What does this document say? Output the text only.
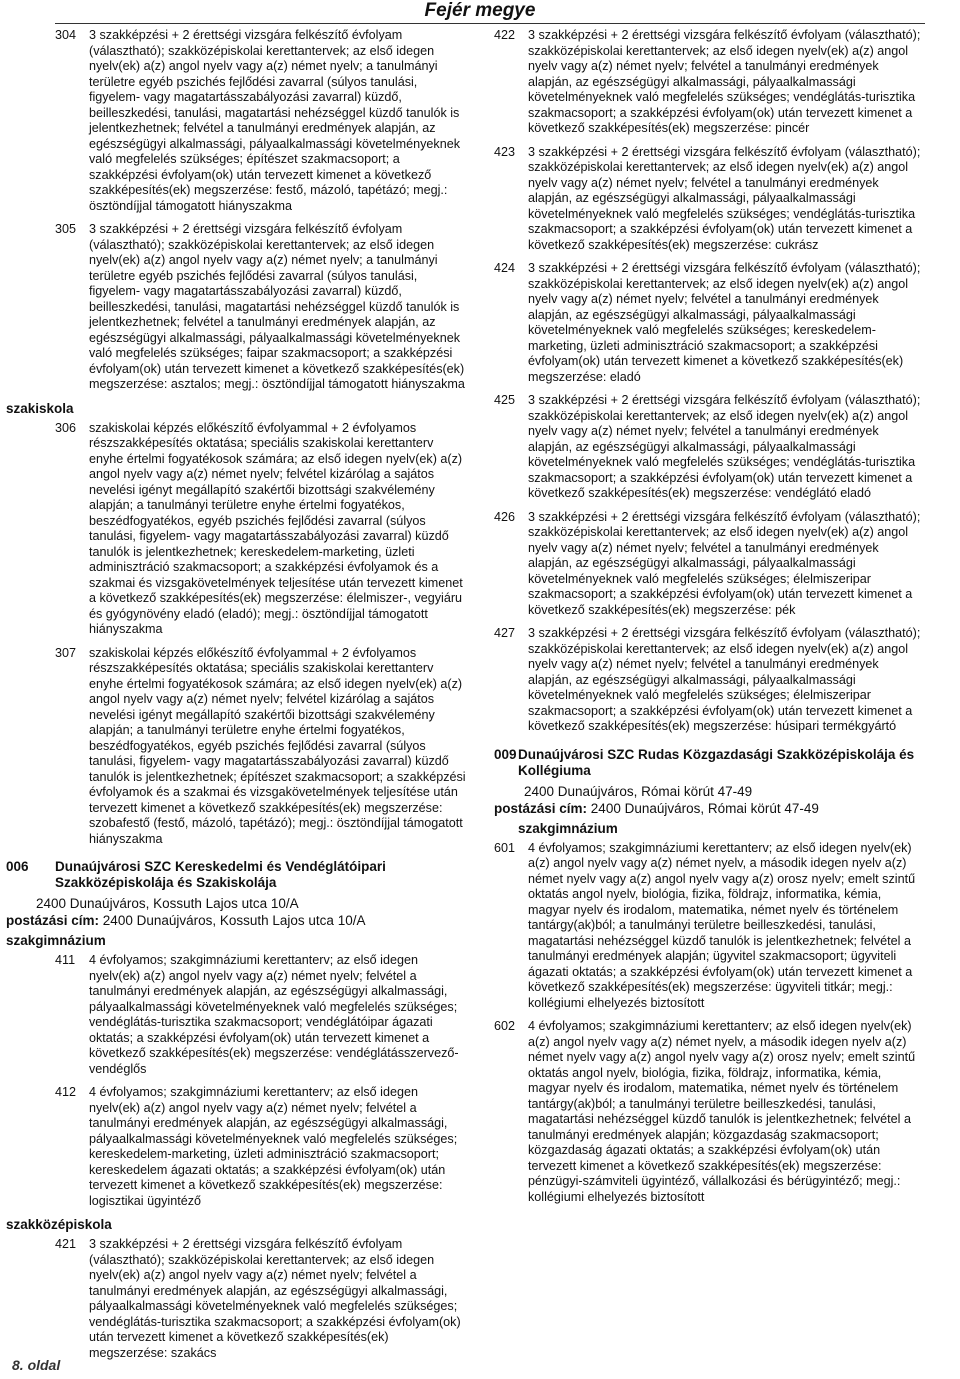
Fejér megye
304	3 szakképzési + 2 érettségi vizsgára felkészítő évfolyam (választható); szakközépiskolai kerettantervek; az első idegen nyelv(ek) a(z) angol nyelv vagy a(z) német nyelv; a tanulmányi területre egyéb pszichés fejlődési zavarral (súlyos tanulási, figyelem- vagy magatartásszabályozási zavarral) küzdő, beilleszkedési, tanulási, magatartási nehézséggel küzdő tanulók is jelentkezhetnek; felvétel a tanulmányi eredmények alapján, az egészségügyi alkalmassági, pályaalkalmassági követelményeknek való megfelelés szükséges; építészet szakmacsoport; a szakképzési évfolyam(ok) után tervezett kimenet a következő szakképesítés(ek) megszerzése: festő, mázoló, tapétázó; megj.: ösztöndíjjal támogatott hiányszakma
305	3 szakképzési + 2 érettségi vizsgára felkészítő évfolyam (választható); szakközépiskolai kerettantervek; az első idegen nyelv(ek) a(z) angol nyelv vagy a(z) német nyelv; a tanulmányi területre egyéb pszichés fejlődési zavarral (súlyos tanulási, figyelem- vagy magatartásszabályozási zavarral) küzdő, beilleszkedési, tanulási, magatartási nehézséggel küzdő tanulók is jelentkezhetnek; felvétel a tanulmányi eredmények alapján, az egészségügyi alkalmassági, pályaalkalmassági követelményeknek való megfelelés szükséges; faipar szakmacsoport; a szakképzési évfolyam(ok) után tervezett kimenet a következő szakképesítés(ek) megszerzése: asztalos; megj.: ösztöndíjjal támogatott hiányszakma
szakiskola
306	szakiskolai képzés előkészítő évfolyammal + 2 évfolyamos részszakképesítés oktatása; speciális szakiskolai kerettanterv enyhe értelmi fogyatékosok számára; az első idegen nyelv(ek) a(z) angol nyelv vagy a(z) német nyelv; felvétel kizárólag a sajátos nevelési igényt megállapító szakértői bizottsági szakvélemény alapján; a tanulmányi területre enyhe értelmi fogyatékos, beszédfogyatékos, egyéb pszichés fejlődési zavarral (súlyos tanulási, figyelem- vagy magatartásszabályozási zavarral) küzdő tanulók is jelentkezhetnek; kereskedelem-marketing, üzleti adminisztráció szakmacsoport; a szakképzési évfolyamok és a szakmai és vizsgakövetelmények teljesítése után tervezett kimenet a következő szakképesítés(ek) megszerzése: élelmiszer-, vegyiáru és gyógynövény eladó (eladó); megj.: ösztöndíjjal támogatott hiányszakma
307	szakiskolai képzés előkészítő évfolyammal + 2 évfolyamos részszakképesítés oktatása; speciális szakiskolai kerettanterv enyhe értelmi fogyatékosok számára; az első idegen nyelv(ek) a(z) angol nyelv vagy a(z) német nyelv; felvétel kizárólag a sajátos nevelési igényt megállapító szakértői bizottsági szakvélemény alapján; a tanulmányi területre enyhe értelmi fogyatékos, beszédfogyatékos, egyéb pszichés fejlődési zavarral (súlyos tanulási, figyelem- vagy magatartásszabályozási zavarral) küzdő tanulók is jelentkezhetnek; építészet szakmacsoport; a szakképzési évfolyamok és a szakmai és vizsgakövetelmények teljesítése után tervezett kimenet a következő szakképesítés(ek) megszerzése: szobafestő (festő, mázoló, tapétázó); megj.: ösztöndíjjal támogatott hiányszakma
006	Dunaújvárosi SZC Kereskedelmi és Vendéglátóipari Szakközépiskolája és Szakiskolája
2400 Dunaújváros, Kossuth Lajos utca 10/A
postázási cím: 2400 Dunaújváros, Kossuth Lajos utca 10/A
szakgimnázium
411	4 évfolyamos; szakgimnáziumi kerettanterv; az első idegen nyelv(ek) a(z) angol nyelv vagy a(z) német nyelv; felvétel a tanulmányi eredmények alapján, az egészségügyi alkalmassági, pályaalkalmassági követelményeknek való megfelelés szükséges; vendéglátás-turisztika szakmacsoport; vendéglátóipar ágazati oktatás; a szakképzési évfolyam(ok) után tervezett kimenet a következő szakképesítés(ek) megszerzése: vendéglátásszervező-vendéglős
412	4 évfolyamos; szakgimnáziumi kerettanterv; az első idegen nyelv(ek) a(z) angol nyelv vagy a(z) német nyelv; felvétel a tanulmányi eredmények alapján, az egészségügyi alkalmassági, pályaalkalmassági követelményeknek való megfelelés szükséges; kereskedelem-marketing, üzleti adminisztráció szakmacsoport; kereskedelem ágazati oktatás; a szakképzési évfolyam(ok) után tervezett kimenet a következő szakképesítés(ek) megszerzése: logisztikai ügyintéző
szakközépiskola
421	3 szakképzési + 2 érettségi vizsgára felkészítő évfolyam (választható); szakközépiskolai kerettantervek; az első idegen nyelv(ek) a(z) angol nyelv vagy a(z) német nyelv; felvétel a tanulmányi eredmények alapján, az egészségügyi alkalmassági, pályaalkalmassági követelményeknek való megfelelés szükséges; vendéglátás-turisztika szakmacsoport; a szakképzési évfolyam(ok) után tervezett kimenet a következő szakképesítés(ek) megszerzése: szakács
422	3 szakképzési + 2 érettségi vizsgára felkészítő évfolyam (választható); szakközépiskolai kerettantervek; az első idegen nyelv(ek) a(z) angol nyelv vagy a(z) német nyelv; felvétel a tanulmányi eredmények alapján, az egészségügyi alkalmassági, pályaalkalmassági követelményeknek való megfelelés szükséges; vendéglátás-turisztika szakmacsoport; a szakképzési évfolyam(ok) után tervezett kimenet a következő szakképesítés(ek) megszerzése: pincér
423	3 szakképzési + 2 érettségi vizsgára felkészítő évfolyam (választható); szakközépiskolai kerettantervek; az első idegen nyelv(ek) a(z) angol nyelv vagy a(z) német nyelv; felvétel a tanulmányi eredmények alapján, az egészségügyi alkalmassági, pályaalkalmassági követelményeknek való megfelelés szükséges; vendéglátás-turisztika szakmacsoport; a szakképzési évfolyam(ok) után tervezett kimenet a következő szakképesítés(ek) megszerzése: cukrász
424	3 szakképzési + 2 érettségi vizsgára felkészítő évfolyam (választható); szakközépiskolai kerettantervek; az első idegen nyelv(ek) a(z) angol nyelv vagy a(z) német nyelv; felvétel a tanulmányi eredmények alapján, az egészségügyi alkalmassági, pályaalkalmassági követelményeknek való megfelelés szükséges; kereskedelem-marketing, üzleti adminisztráció szakmacsoport; a szakképzési évfolyam(ok) után tervezett kimenet a következő szakképesítés(ek) megszerzése: eladó
425	3 szakképzési + 2 érettségi vizsgára felkészítő évfolyam (választható); szakközépiskolai kerettantervek; az első idegen nyelv(ek) a(z) angol nyelv vagy a(z) német nyelv; felvétel a tanulmányi eredmények alapján, az egészségügyi alkalmassági, pályaalkalmassági követelményeknek való megfelelés szükséges; vendéglátás-turisztika szakmacsoport; a szakképzési évfolyam(ok) után tervezett kimenet a következő szakképesítés(ek) megszerzése: vendéglátó eladó
426	3 szakképzési + 2 érettségi vizsgára felkészítő évfolyam (választható); szakközépiskolai kerettantervek; az első idegen nyelv(ek) a(z) angol nyelv vagy a(z) német nyelv; felvétel a tanulmányi eredmények alapján, az egészségügyi alkalmassági, pályaalkalmassági követelményeknek való megfelelés szükséges; élelmiszeripar szakmacsoport; a szakképzési évfolyam(ok) után tervezett kimenet a következő szakképesítés(ek) megszerzése: pék
427	3 szakképzési + 2 érettségi vizsgára felkészítő évfolyam (választható); szakközépiskolai kerettantervek; az első idegen nyelv(ek) a(z) angol nyelv vagy a(z) német nyelv; felvétel a tanulmányi eredmények alapján, az egészségügyi alkalmassági, pályaalkalmassági követelményeknek való megfelelés szükséges; élelmiszeripar szakmacsoport; a szakképzési évfolyam(ok) után tervezett kimenet a következő szakképesítés(ek) megszerzése: húsipari termékgyártó
009 Dunaújvárosi SZC Rudas Közgazdasági Szakközépiskolája és Kollégiuma
2400 Dunaújváros, Római körút 47-49
postázási cím: 2400 Dunaújváros, Római körút 47-49
szakgimnázium
601	4 évfolyamos; szakgimnáziumi kerettanterv; az első idegen nyelv(ek) a(z) angol nyelv vagy a(z) német nyelv, a második idegen nyelv a(z) német nyelv vagy a(z) angol nyelv vagy a(z) orosz nyelv; emelt szintű oktatás angol nyelv, biológia, fizika, földrajz, informatika, kémia, magyar nyelv és irodalom, matematika, német nyelv és történelem tantárgy(ak)ból; a tanulmányi területre beilleszkedési, tanulási, magatartási nehézséggel küzdő tanulók is jelentkezhetnek; felvétel a tanulmányi eredmények alapján; ügyvitel szakmacsoport; ügyviteli ágazati oktatás; a szakképzési évfolyam(ok) után tervezett kimenet a következő szakképesítés(ek) megszerzése: ügyviteli titkár; megj.: kollégiumi elhelyezés biztosított
602	4 évfolyamos; szakgimnáziumi kerettanterv; az első idegen nyelv(ek) a(z) angol nyelv vagy a(z) német nyelv, a második idegen nyelv a(z) német nyelv vagy a(z) angol nyelv vagy a(z) orosz nyelv; emelt szintű oktatás angol nyelv, biológia, fizika, földrajz, informatika, kémia, magyar nyelv és irodalom, matematika, német nyelv és történelem tantárgy(ak)ból; a tanulmányi területre beilleszkedési, tanulási, magatartási nehézséggel küzdő tanulók is jelentkezhetnek; felvétel a tanulmányi eredmények alapján; közgazdaság szakmacsoport; közgazdaság ágazati oktatás; a szakképzési évfolyam(ok) után tervezett kimenet a következő szakképesítés(ek) megszerzése: pénzügyi-számviteli ügyintéző, vállalkozási és bérügyintéző; megj.: kollégiumi elhelyezés biztosított
8. oldal
